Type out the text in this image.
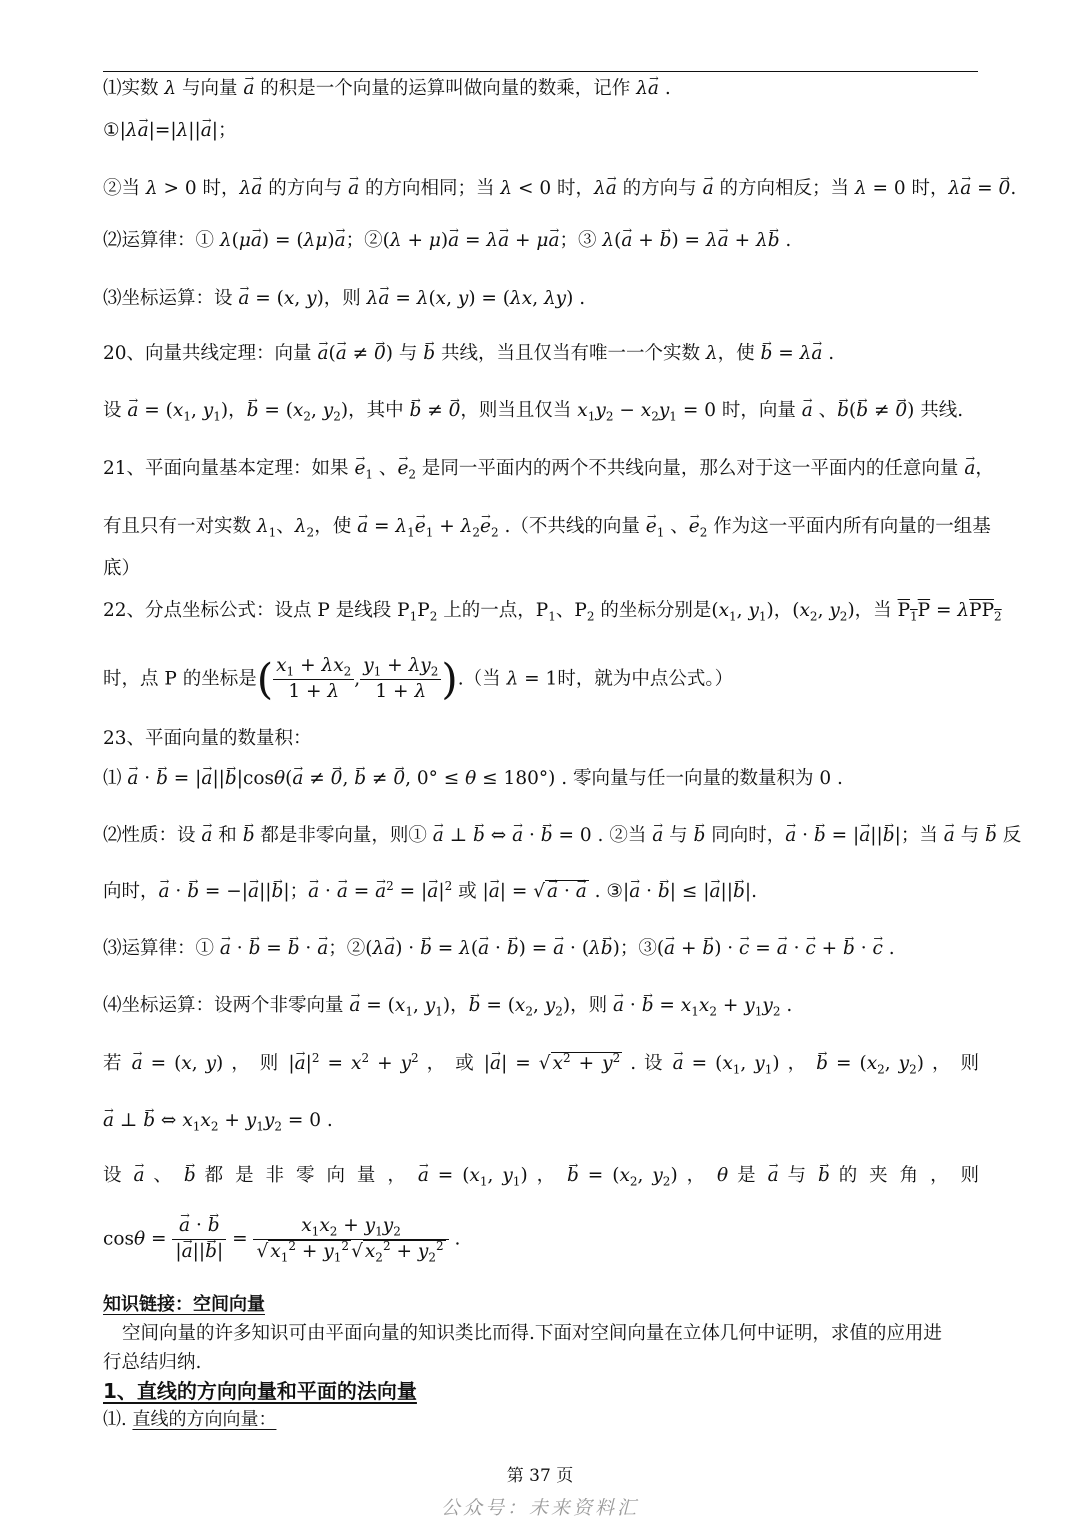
⑴实数 λ 与向量 → a 的积是一个向量的运算叫做向量的数乘，记作 λ→ a .
①|λ→ a|=|λ||→ a|；
②当 λ > 0 时，λ→ a 的方向与 → a 的方向相同；当 λ < 0 时，λ→ a 的方向与 → a 的方向相反；当 λ = 0 时，λ→ a = → 0.
⑵运算律：① λ(μ→ a) = (λμ)→ a；②(λ + μ)→ a = λ→ a + μ→ a；③ λ(→ a + → b) = λ→ a + λ→ b .
⑶坐标运算：设 → a = (x, y)，则 λ→ a = λ(x, y) = (λx, λy) .
20、向量共线定理：向量 → a(→ a ≠ → 0) 与 → b 共线，当且仅当有唯一一个实数 λ，使 → b = λ→ a .
设 → $a = (x_1$, $y_1$)，→ $b = (x_2$, $y_2$)，其中 → b ≠ → 0，则当且仅当 $x_1y_2 - x_2y_1 = 0$ 时，向量 → a 、→ b(→ b ≠ → 0) 共线.
21、平面向量基本定理：如果 → $e_1$ 、→ $e_2$ 是同一平面内的两个不共线向量，那么对于这一平面内的任意向量 → a，
有且只有一对实数 $\lambda_1$、$\lambda_2$，使 → $a = \lambda_1\to e_1 + \lambda_2\to e_2$ .（不共线的向量 → $e_1$ 、→ $e_2$ 作为这一平面内所有向量的一组基
底）
22、分点坐标公式：设点 P 是线段 $P_1P_2$ 上的一点，$P_1$、$P_2$ 的坐标分别是($x_1$, $y_1$)，($x_2$, $y_2$)，当 $P_1P = \lambda PP_2$
时，点 P 的坐标是( $\frac{x_1 + \lambda x_2}{1 + \lambda}$ , $\frac{y_1 + \lambda y_2}{1 + \lambda}$ ).（当 λ = 1时，就为中点公式。）
23、平面向量的数量积：
⑴ → a · → b = |→ a||→ b|cosθ(→ a ≠ → 0, → b ≠ → 0, 0° ≤ θ ≤ 180°) . 零向量与任一向量的数量积为 0 .
⑵性质：设 → a 和 → b 都是非零向量，则① → a ⊥ → b ⇔ → a · → b = 0 . ②当 → a 与 → b 同向时，→ a · → b = |→ a||→ b|；当 → a 与 → b 反
向时，→ a · → b = −|→ a||→ b|；→ a · → a = → $a^2$ = |→ $a|^2$ 或 |→ a| = √ → a · → a . ③|→ a · → b| ≤ |→ a||→ b|.
⑶运算律：① → a · → b = → b · → a；②(λ→ a) · → b = λ(→ a · → b) = → a · (λ→ b)；③(→ a + → b) · → c = → a · → c + → b · → c .
⑷坐标运算：设两个非零向量 → $a = (x_1$, $y_1$)，→ $b = (x_2$, $y_2$)，则 → a · → $b = x_1x_2 + y_1y_2$ .
若 → a = (x, y) ， 则 |→ $a|^2 = x^2 + y^2$ ， 或 |→ a| = √ $x^2 + y^2$ . 设 → $a = (x_1$, $y_1$) ， → $b = (x_2$, $y_2$) ， 则
→ a ⊥ → b ⇔ $x_1x_2 + y_1y_2 = 0$ .
设 → a 、 → b 都 是 非 零 向 量 ， → $a = (x_1$, $y_1$) ， → $b = (x_2$, $y_2$) ， θ 是 → a 与 → b 的 夹 角 ， 则
cosθ = → $\frac{a \cdot \to b}{|\to a||\to b|} = \frac{x_1x_2 + y_1y_2}{√ x_1^2 + y_1^2 √ x_2^2 + y_2^2}$ .
知识链接：空间向量
空间向量的许多知识可由平面向量的知识类比而得.下面对空间向量在立体几何中证明，求值的应用进
行总结归纳.
1、直线的方向向量和平面的法向量
⑴. 直线的方向向量：
第 37 页
公众号：未来资料汇
